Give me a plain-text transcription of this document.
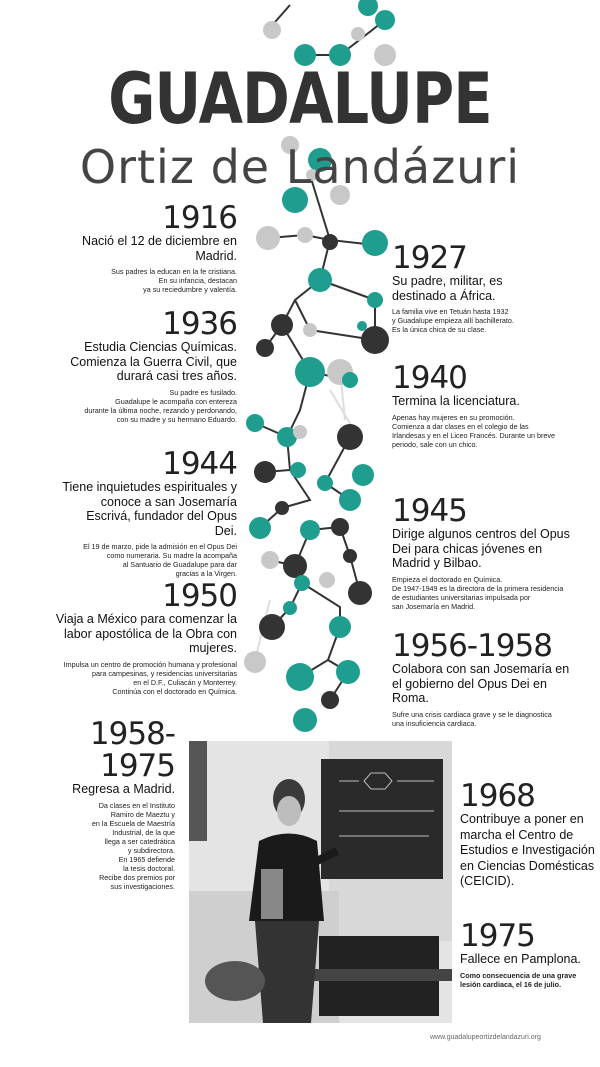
GUADALUPE
Ortiz de Landázuri
1916
Nació el 12 de diciembre en Madrid.
Sus padres la educan en la fe cristiana.
En su infancia, destacan
ya su reciedumbre y valentía.
1927
Su padre, militar, es destinado a África.
La familia vive en Tetuán hasta 1932
y Guadalupe empieza allí bachillerato.
Es la única chica de su clase.
1936
Estudia Ciencias Químicas. Comienza la Guerra Civil, que durará casi tres años.
Su padre es fusilado.
Guadalupe le acompaña con entereza
durante la última noche, rezando y perdonando,
con su madre y su hermano Eduardo.
1940
Termina la licenciatura.
Apenas hay mujeres en su promoción.
Comienza a dar clases en el colegio de las
Irlandesas y en el Liceo Francés. Durante un breve
periodo, sale con un chico.
1944
Tiene inquietudes espirituales y conoce a san Josemaría Escrivá, fundador del Opus Dei.
El 19 de marzo, pide la admisión en el Opus Dei
como numeraria. Su madre la acompaña
al Santuario de Guadalupe para dar
gracias a la Virgen.
1945
Dirige algunos centros del Opus Dei para chicas jóvenes en Madrid y Bilbao.
Empieza el doctorado en Química.
De 1947-1949 es la directora de la primera residencia
de estudiantes universitarias impulsada por
san Josemaría en Madrid.
1950
Viaja a México para comenzar la labor apostólica de la Obra con mujeres.
Impulsa un centro de promoción humana y profesional
para campesinas, y residencias universitarias
en el D.F., Culiacán y Monterrey.
Continúa con el doctorado en Química.
1956-1958
Colabora con san Josemaría en el gobierno del Opus Dei en Roma.
Sufre una crisis cardiaca grave y se le diagnostica
una insuficiencia cardiaca.
1958-1975
Regresa a Madrid.
Da clases en el Instituto
Ramiro de Maeztu y
en la Escuela de Maestría
Industrial, de la que
llega a ser catedrática
y subdirectora.
En 1965 defiende
la tesis doctoral.
Recibe dos premios por
sus investigaciones.
1968
Contribuye a poner en marcha el Centro de Estudios e Investigación en Ciencias Domésticas (CEICID).
1975
Fallece en Pamplona.
Como consecuencia de una grave
lesión cardiaca, el 16 de julio.
www.guadalupeortizdelandazuri.org
